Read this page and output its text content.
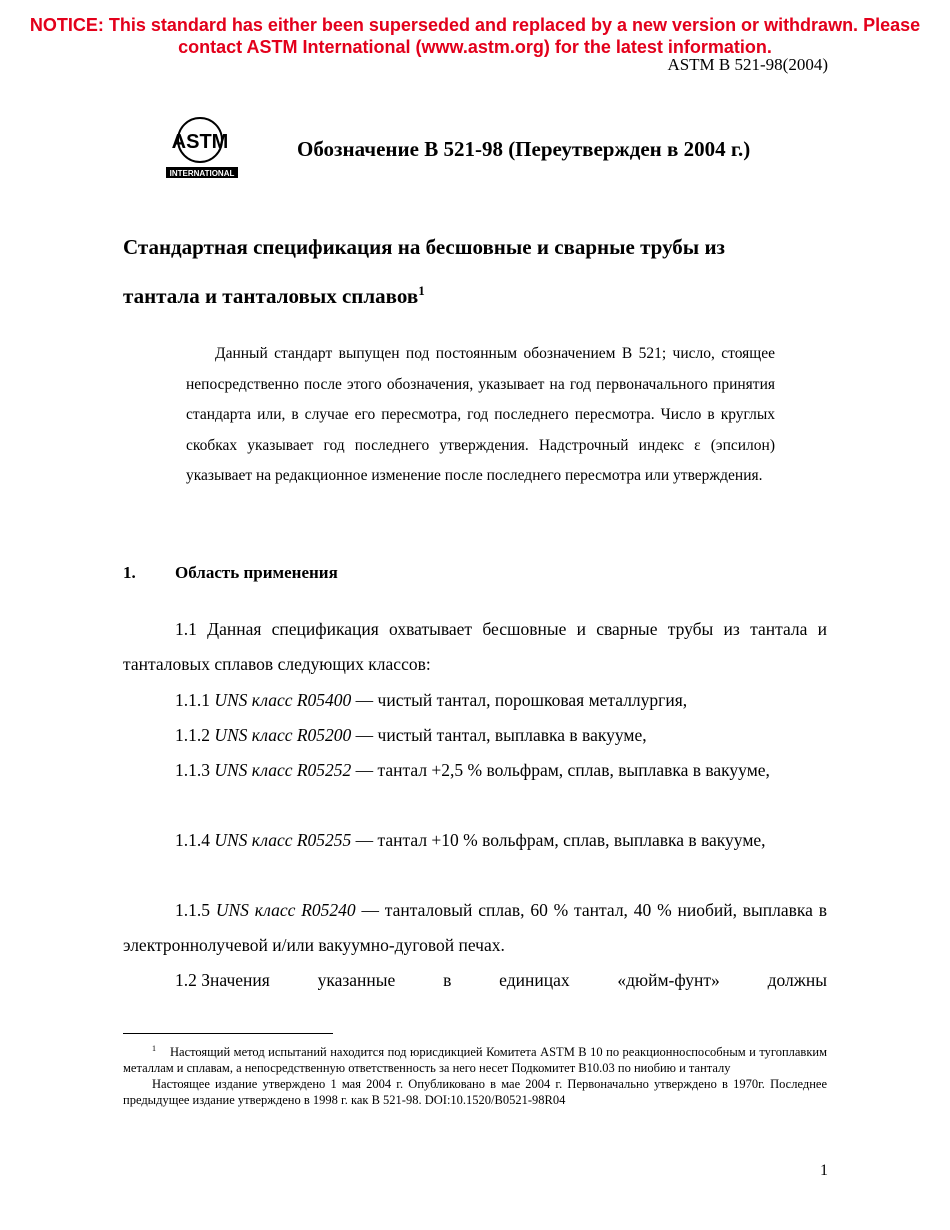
NOTICE: This standard has either been superseded and replaced by a new version or withdrawn. Please
contact ASTM International (www.astm.org) for the latest information.
ASTM B 521-98(2004)
ASTM
INTERNATIONAL
Обозначение B 521-98 (Переутвержден в 2004 г.)
Стандартная спецификация на бесшовные и сварные трубы из
тантала и танталовых сплавов$^1$
Данный стандарт выпущен под постоянным обозначением B 521; число, стоящее непосредственно после этого обозначения, указывает на год первоначального принятия стандарта или, в случае его пересмотра, год последнего пересмотра. Число в круглых скобках указывает год последнего утверждения. Надстрочный индекс ε (эпсилон) указывает на редакционное изменение после последнего пересмотра или утверждения.
1. Область применения
1.1 Данная спецификация охватывает бесшовные и сварные трубы из тантала и танталовых сплавов следующих классов:
1.1.1 UNS класс R05400 — чистый тантал, порошковая металлургия,
1.1.2 UNS класс R05200 — чистый тантал, выплавка в вакууме,
1.1.3 UNS класс R05252 — тантал +2,5 % вольфрам, сплав, выплавка в вакууме,
1.1.4 UNS класс R05255 — тантал +10 % вольфрам, сплав, выплавка в вакууме,
1.1.5 UNS класс R05240 — танталовый сплав, 60 % тантал, 40 % ниобий, выплавка в электроннолучевой и/или вакуумно-дуговой печах.
1.2 Значения	указанные	в	единицах	«дюйм-фунт»	должны

$^1$ Настоящий метод испытаний находится под юрисдикцией Комитета ASTM B 10 по реакционноспособным и тугоплавким металлам и сплавам, а непосредственную ответственность за него несет Подкомитет B10.03 по ниобию и танталу

Настоящее издание утверждено 1 мая 2004 г. Опубликовано в мае 2004 г. Первоначально утверждено в 1970г. Последнее предыдущее издание утверждено в 1998 г. как B 521-98. DOI:10.1520/B0521-98R04

1
